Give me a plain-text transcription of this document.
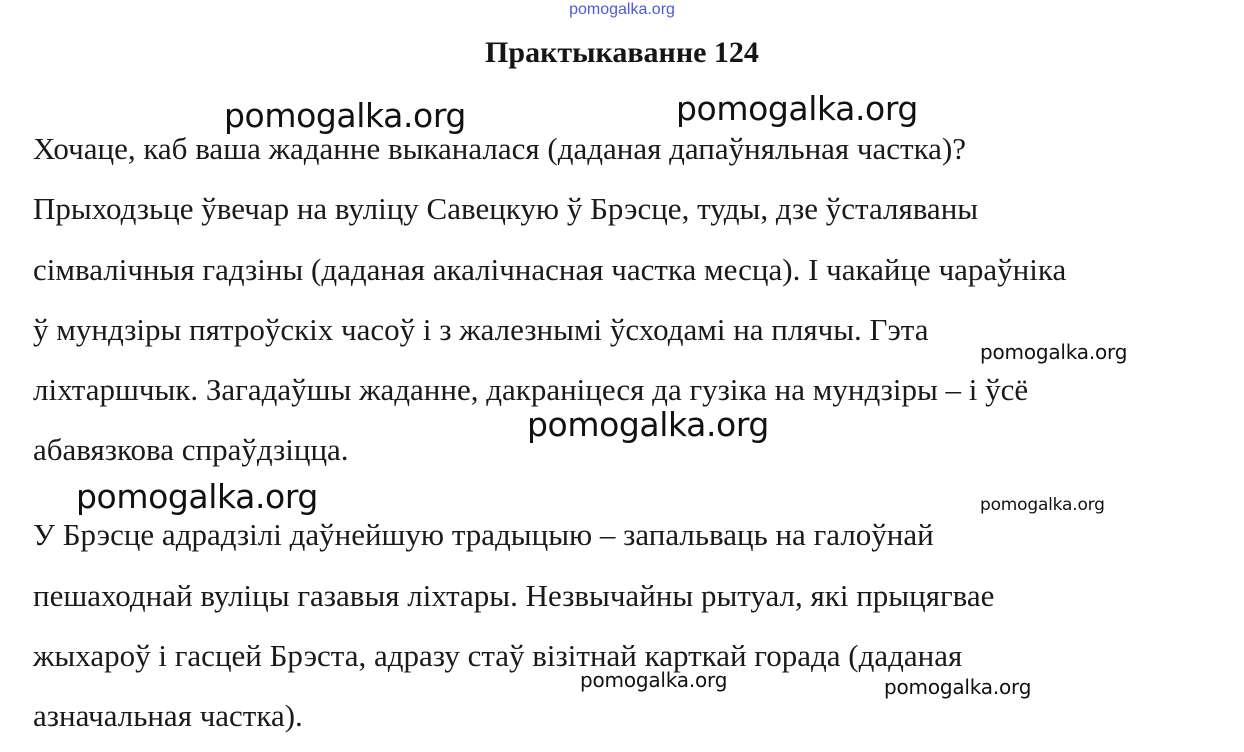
pomogalka.org
Практыкаванне 124
Хочаце, каб ваша жаданне выканалася (даданая дапаўняльная частка)?
Прыходзьце ўвечар на вуліцу Савецкую ў Брэсце, туды, дзе ўсталяваны
сімвалічныя гадзіны (даданая акалічнасная частка месца). І чакайце чараўніка
ў мундзіры пятроўскіх часоў і з жалезнымі ўсходамі на плячы. Гэта
ліхтаршчык. Загадаўшы жаданне, дакраніцеся да гузіка на мундзіры – і ўсё
абавязкова спраўдзіцца.
У Брэсце адрадзілі даўнейшую традыцыю – запальваць на галоўнай
пешаходнай вуліцы газавыя ліхтары. Незвычайны рытуал, які прыцягвае
жыхароў і гасцей Брэста, адразу стаў візітнай карткай горада (даданая
азначальная частка).
pomogalka.org	pomogalka.org
pomogalka.org
pomogalka.org
pomogalka.org	pomogalka.org
pomogalka.org	pomogalka.org
